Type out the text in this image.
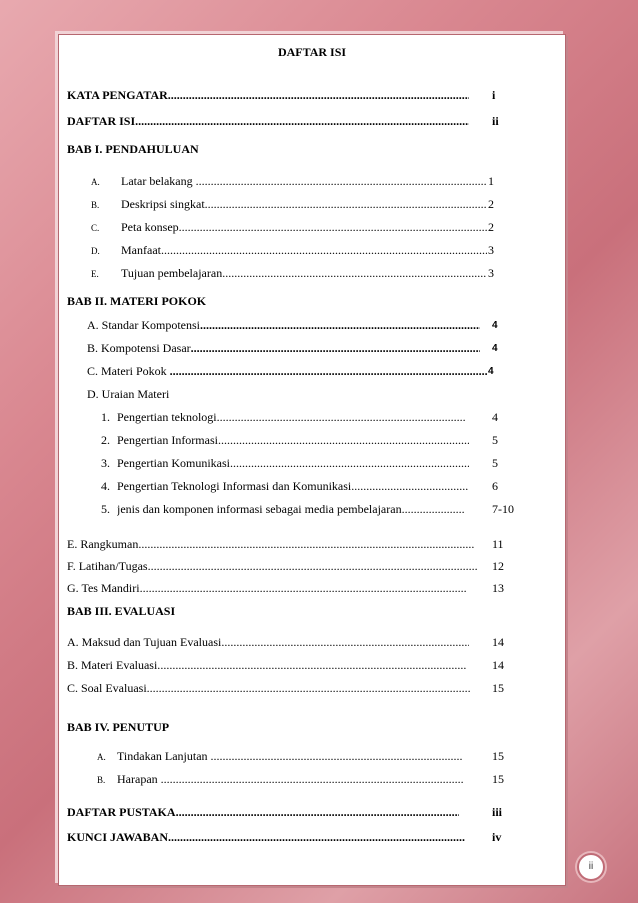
DAFTAR ISI
KATA PENGATAR .....	i
DAFTAR ISI .....	ii
BAB I. PENDAHULUAN
A. Latar belakang .....	1
B. Deskripsi singkat .....	2
C. Peta konsep .....	2
D. Manfaat .....	3
E. Tujuan pembelajaran .....	3
BAB II. MATERI POKOK
A. Standar Kompotensi .....	4
B. Kompotensi Dasar .....	4
C. Materi Pokok .....	4
D. Uraian Materi
1. Pengertian teknologi .....	4
2. Pengertian Informasi .....	5
3. Pengertian Komunikasi .....	5
4. Pengertian Teknologi Informasi dan Komunikasi .....	6
5. jenis dan komponen informasi sebagai media pembelajaran .....	7-10
E. Rangkuman .....	11
F. Latihan/Tugas .....	12
G. Tes Mandiri .....	13
BAB III. EVALUASI
A. Maksud dan Tujuan Evaluasi .....	14
B. Materi Evaluasi. .....	14
C. Soal Evaluasi .....	15
BAB IV. PENUTUP
A. Tindakan Lanjutan .....	15
B. Harapan .....	15
DAFTAR PUSTAKA .....	iii
KUNCI JAWABAN .....	iv
ii
